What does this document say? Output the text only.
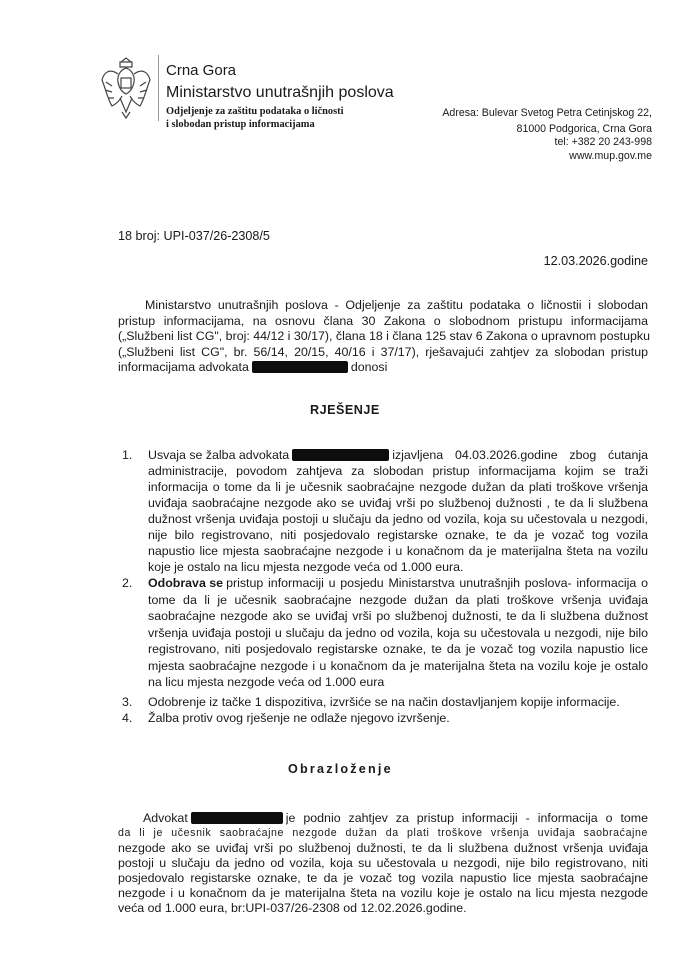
Crna Gora
Ministarstvo unutrašnjih poslova
Odjeljenje za zaštitu podataka o ličnosti
i slobodan pristup informacijama
Adresa: Bulevar Svetog Petra Cetinjskog 22,
81000 Podgorica, Crna Gora
tel: +382 20 243-998
www.mup.gov.me
18 broj: UPI-037/26-2308/5
12.03.2026.godine
Ministarstvo unutrašnjih poslova - Odjeljenje za zaštitu podataka o ličnostii i slobodan
pristup informacijama, na osnovu člana 30 Zakona o slobodnom pristupu informacijama
(„Službeni list CG", broj: 44/12 i 30/17), člana 18 i člana 125 stav 6 Zakona o upravnom postupku
(„Službeni list CG", br. 56/14, 20/15, 40/16 i 37/17), rješavajući zahtjev za slobodan pristup
informacijama advokata	donosi
RJEŠENJE
1. Usvaja se žalba advokata	izjavljena 04.03.2026.godine zbog ćutanja
administracije, povodom zahtjeva za slobodan pristup informacijama kojim se traži
informacija o tome da li je učesnik saobraćajne nezgode dužan da plati troškove vršenja
uviđaja saobraćajne nezgode ako se uviđaj vrši po službenoj dužnosti , te da li službena
dužnost vršenja uviđaja postoji u slučaju da jedno od vozila, koja su učestovala u nezgodi,
nije bilo registrovano, niti posjedovalo registarske oznake, te da je vozač tog vozila
napustio lice mjesta saobraćajne nezgode i u konačnom da je materijalna šteta na vozilu
koje je ostalo na licu mjesta nezgode veća od 1.000 eura.
2. Odobrava se pristup informaciji u posjedu Ministarstva unutrašnjih poslova- informacija o
tome da li je učesnik saobraćajne nezgode dužan da plati troškove vršenja uviđaja
saobraćajne nezgode ako se uviđaj vrši po službenoj dužnosti, te da li službena dužnost
vršenja uviđaja postoji u slučaju da jedno od vozila, koja su učestovala u nezgodi, nije bilo
registrovano, niti posjedovalo registarske oznake, te da je vozač tog vozila napustio lice
mjesta saobraćajne nezgode i u konačnom da je materijalna šteta na vozilu koje je ostalo
na licu mjesta nezgode veća od 1.000 eura
3. Odobrenje iz tačke 1 dispozitiva, izvršiće se na način dostavljanjem kopije informacije.
4. Žalba protiv ovog rješenje ne odlaže njegovo izvršenje.
Obrazloženje
Advokat	je podnio zahtjev za pristup informaciji - informacija o tome
da li je učesnik saobraćajne nezgode dužan da plati troškove vršenja uviđaja saobraćajne
nezgode ako se uviđaj vrši po službenoj dužnosti, te da li službena dužnost vršenja uviđaja
postoji u slučaju da jedno od vozila, koja su učestovala u nezgodi, nije bilo registrovano, niti
posjedovalo registarske oznake, te da je vozač tog vozila napustio lice mjesta saobraćajne
nezgode i u konačnom da je materijalna šteta na vozilu koje je ostalo na licu mjesta nezgode
veća od 1.000 eura, br:UPI-037/26-2308 od 12.02.2026.godine.
